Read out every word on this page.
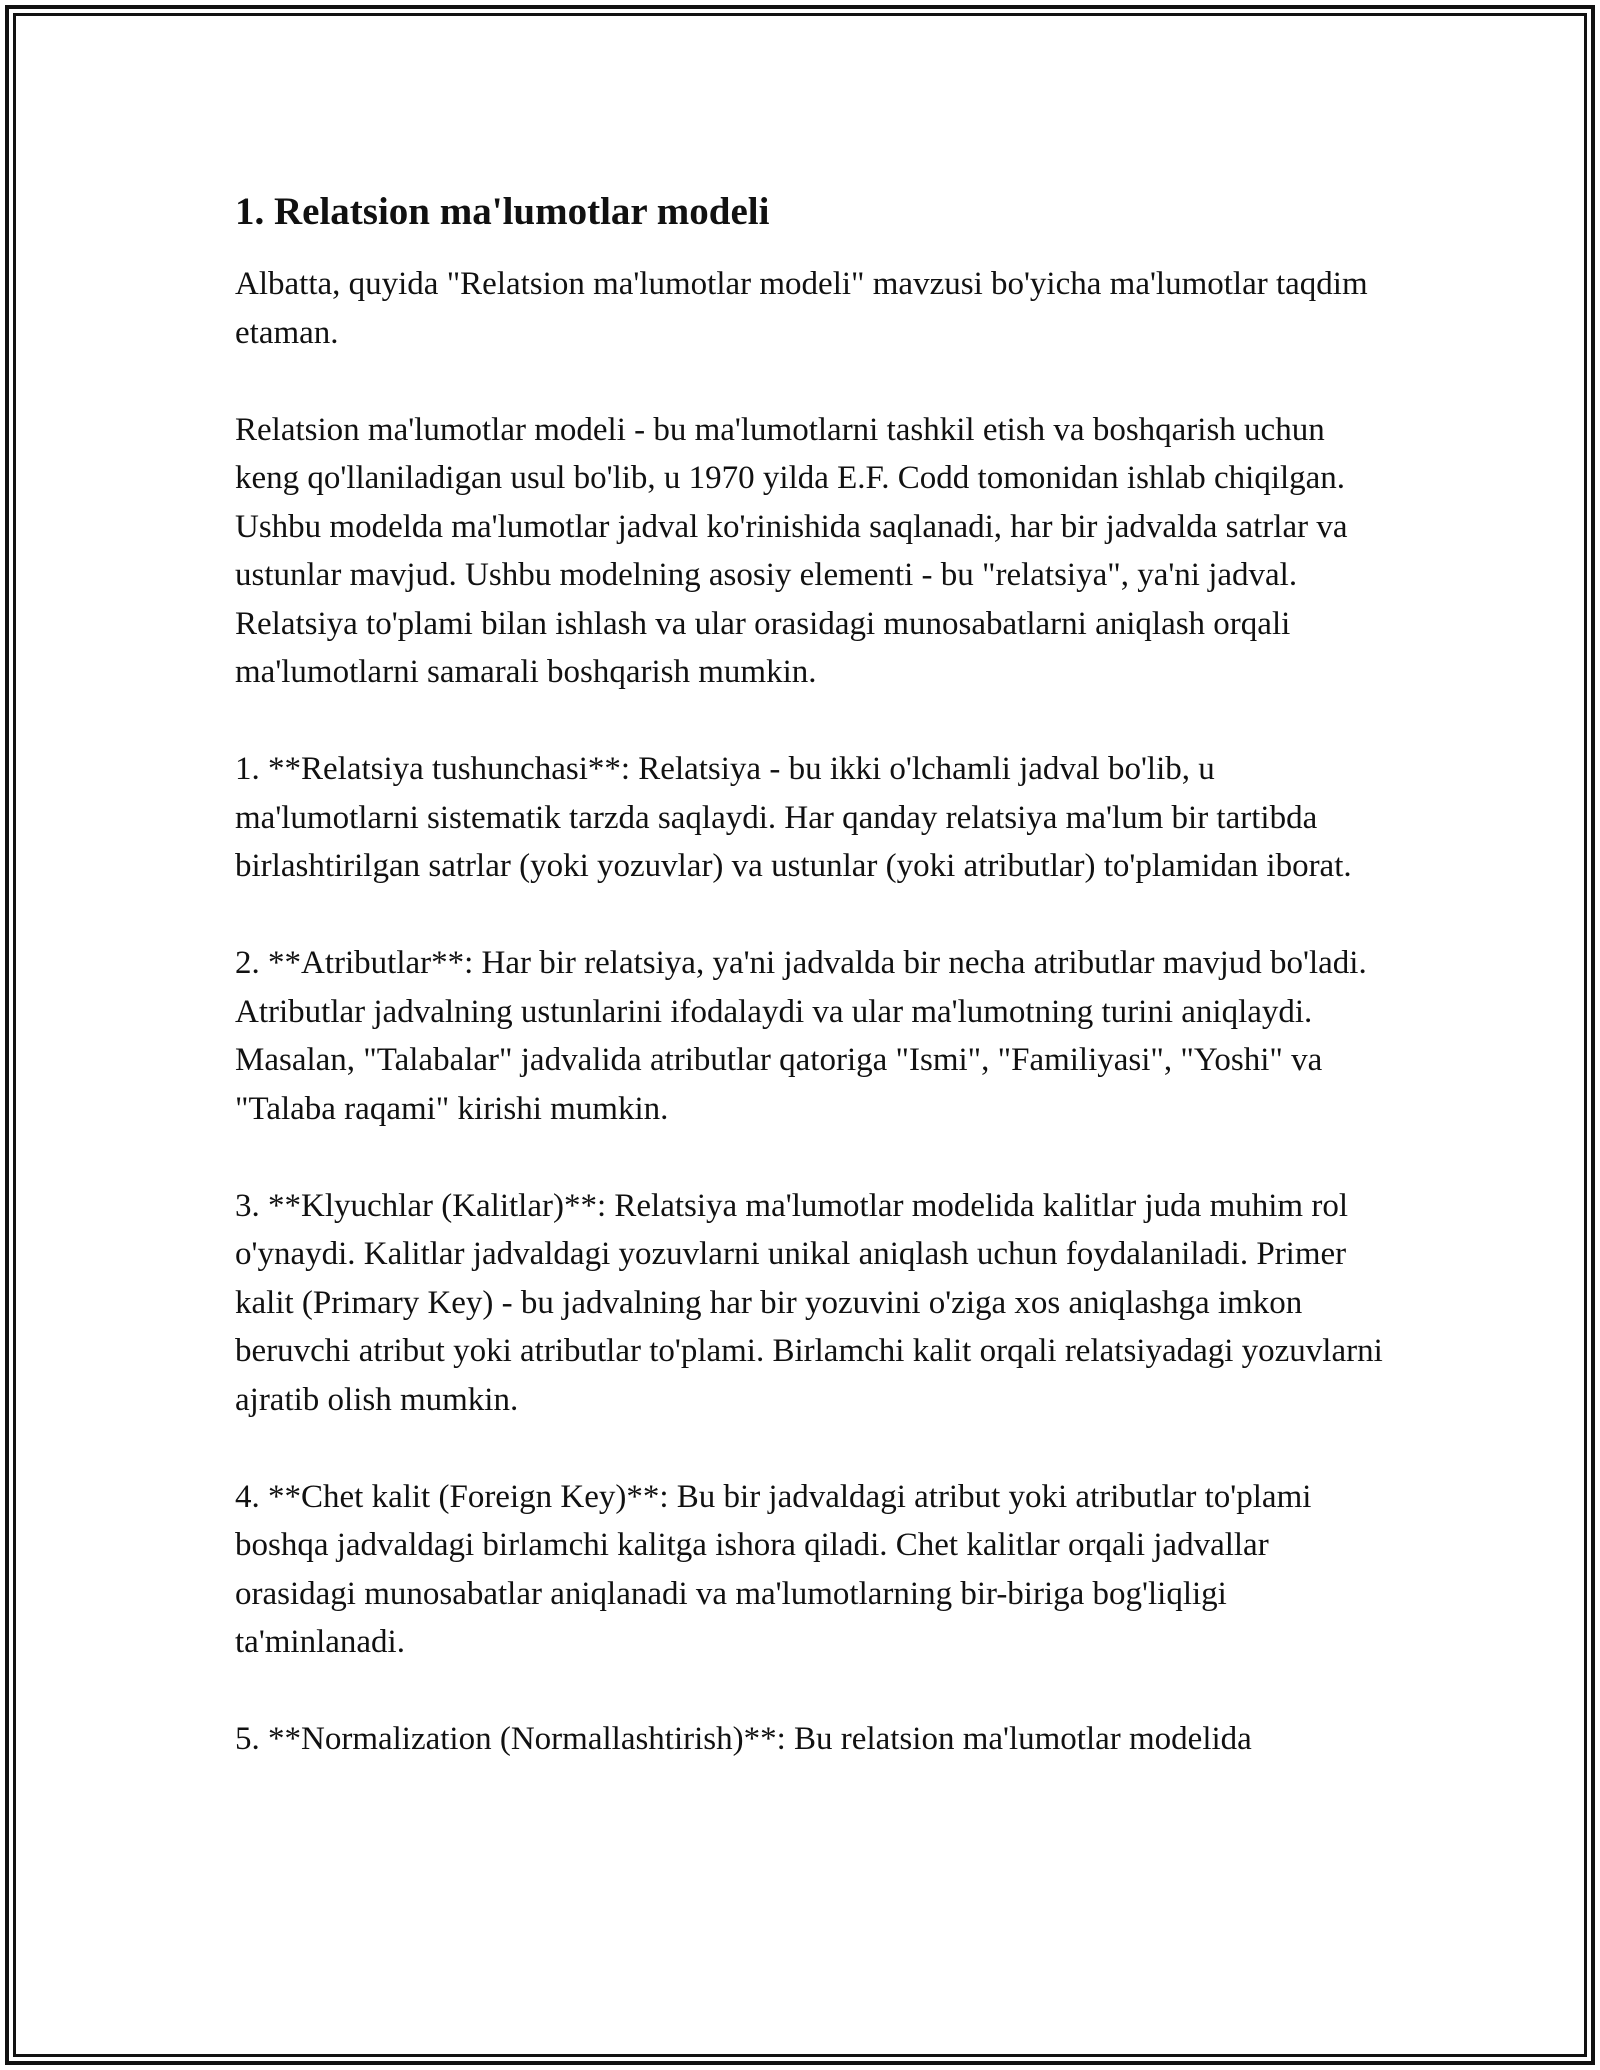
1. Relatsion ma'lumotlar modeli

Albatta, quyida "Relatsion ma'lumotlar modeli" mavzusi bo'yicha ma'lumotlar taqdim etaman.

Relatsion ma'lumotlar modeli - bu ma'lumotlarni tashkil etish va boshqarish uchun keng qo'llaniladigan usul bo'lib, u 1970 yilda E.F. Codd tomonidan ishlab chiqilgan. Ushbu modelda ma'lumotlar jadval ko'rinishida saqlanadi, har bir jadvalda satrlar va ustunlar mavjud. Ushbu modelning asosiy elementi - bu "relatsiya", ya'ni jadval. Relatsiya to'plami bilan ishlash va ular orasidagi munosabatlarni aniqlash orqali ma'lumotlarni samarali boshqarish mumkin.

1. **Relatsiya tushunchasi**: Relatsiya - bu ikki o'lchamli jadval bo'lib, u ma'lumotlarni sistematik tarzda saqlaydi. Har qanday relatsiya ma'lum bir tartibda birlashtirilgan satrlar (yoki yozuvlar) va ustunlar (yoki atributlar) to'plamidan iborat.

2. **Atributlar**: Har bir relatsiya, ya'ni jadvalda bir necha atributlar mavjud bo'ladi. Atributlar jadvalning ustunlarini ifodalaydi va ular ma'lumotning turini aniqlaydi. Masalan, "Talabalar" jadvalida atributlar qatoriga "Ismi", "Familiyasi", "Yoshi" va "Talaba raqami" kirishi mumkin.

3. **Klyuchlar (Kalitlar)**: Relatsiya ma'lumotlar modelida kalitlar juda muhim rol o'ynaydi. Kalitlar jadvaldagi yozuvlarni unikal aniqlash uchun foydalaniladi. Primer kalit (Primary Key) - bu jadvalning har bir yozuvini o'ziga xos aniqlashga imkon beruvchi atribut yoki atributlar to'plami. Birlamchi kalit orqali relatsiyadagi yozuvlarni ajratib olish mumkin.

4. **Chet kalit (Foreign Key)**: Bu bir jadvaldagi atribut yoki atributlar to'plami boshqa jadvaldagi birlamchi kalitga ishora qiladi. Chet kalitlar orqali jadvallar orasidagi munosabatlar aniqlanadi va ma'lumotlarning bir-biriga bog'liqligi ta'minlanadi.

5. **Normalization (Normallashtirish)**: Bu relatsion ma'lumotlar modelida
